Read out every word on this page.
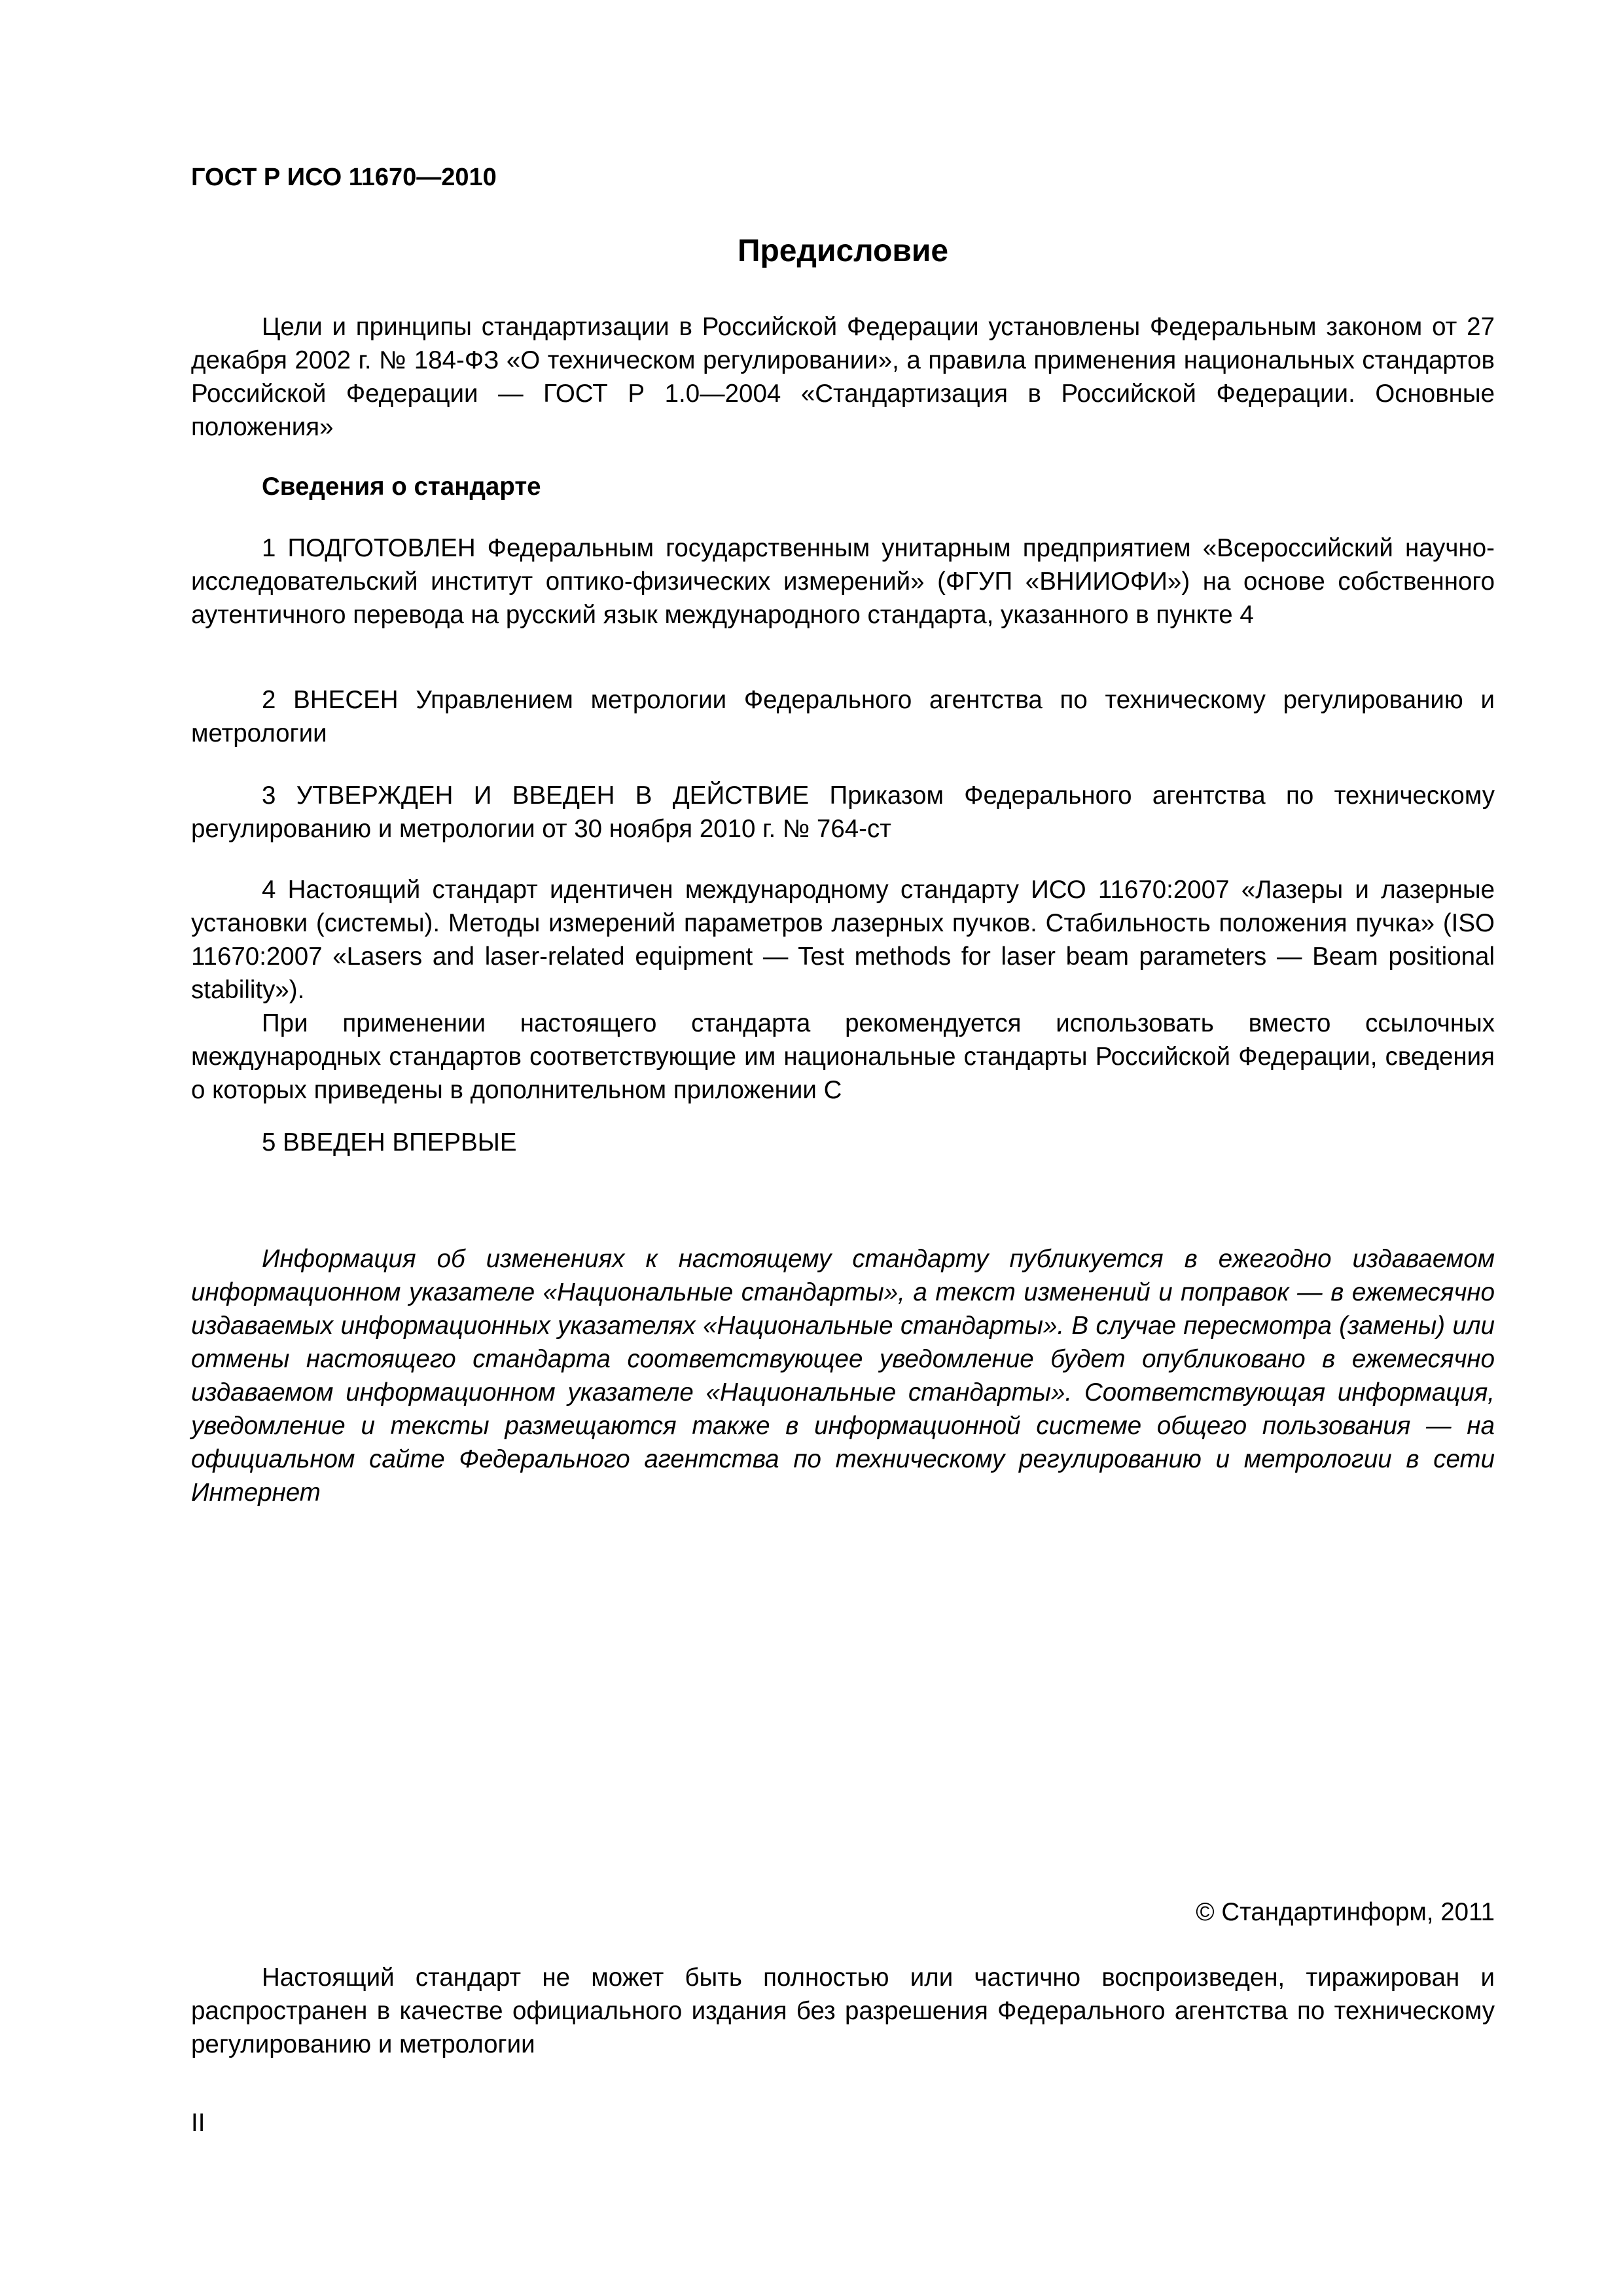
ГОСТ Р ИСО 11670—2010
Предисловие

Цели и принципы стандартизации в Российской Федерации установлены Федеральным законом от 27 декабря 2002 г. № 184-ФЗ «О техническом регулировании», а правила применения национальных стандартов Российской Федерации — ГОСТ Р 1.0—2004 «Стандартизация в Российской Федерации. Основные положения»

Сведения о стандарте

1 ПОДГОТОВЛЕН Федеральным государственным унитарным предприятием «Всероссийский научно-исследовательский институт оптико-физических измерений» (ФГУП «ВНИИОФИ») на основе собственного аутентичного перевода на русский язык международного стандарта, указанного в пункте 4

2 ВНЕСЕН Управлением метрологии Федерального агентства по техническому регулированию и метрологии

3 УТВЕРЖДЕН И ВВЕДЕН В ДЕЙСТВИЕ Приказом Федерального агентства по техническому регулированию и метрологии от 30 ноября 2010 г. № 764-ст

4 Настоящий стандарт идентичен международному стандарту ИСО 11670:2007 «Лазеры и лазерные установки (системы). Методы измерений параметров лазерных пучков. Стабильность положения пучка» (ISO 11670:2007 «Lasers and laser-related equipment — Test methods for laser beam parameters — Beam positional stability»).

При применении настоящего стандарта рекомендуется использовать вместо ссылочных международных стандартов соответствующие им национальные стандарты Российской Федерации, сведения о которых приведены в дополнительном приложении С

5 ВВЕДЕН ВПЕРВЫЕ

Информация об изменениях к настоящему стандарту публикуется в ежегодно издаваемом информационном указателе «Национальные стандарты», а текст изменений и поправок — в ежемесячно издаваемых информационных указателях «Национальные стандарты». В случае пересмотра (замены) или отмены настоящего стандарта соответствующее уведомление будет опубликовано в ежемесячно издаваемом информационном указателе «Национальные стандарты». Соответствующая информация, уведомление и тексты размещаются также в информационной системе общего пользования — на официальном сайте Федерального агентства по техническому регулированию и метрологии в сети Интернет

© Стандартинформ, 2011

Настоящий стандарт не может быть полностью или частично воспроизведен, тиражирован и распространен в качестве официального издания без разрешения Федерального агентства по техническому регулированию и метрологии

II
